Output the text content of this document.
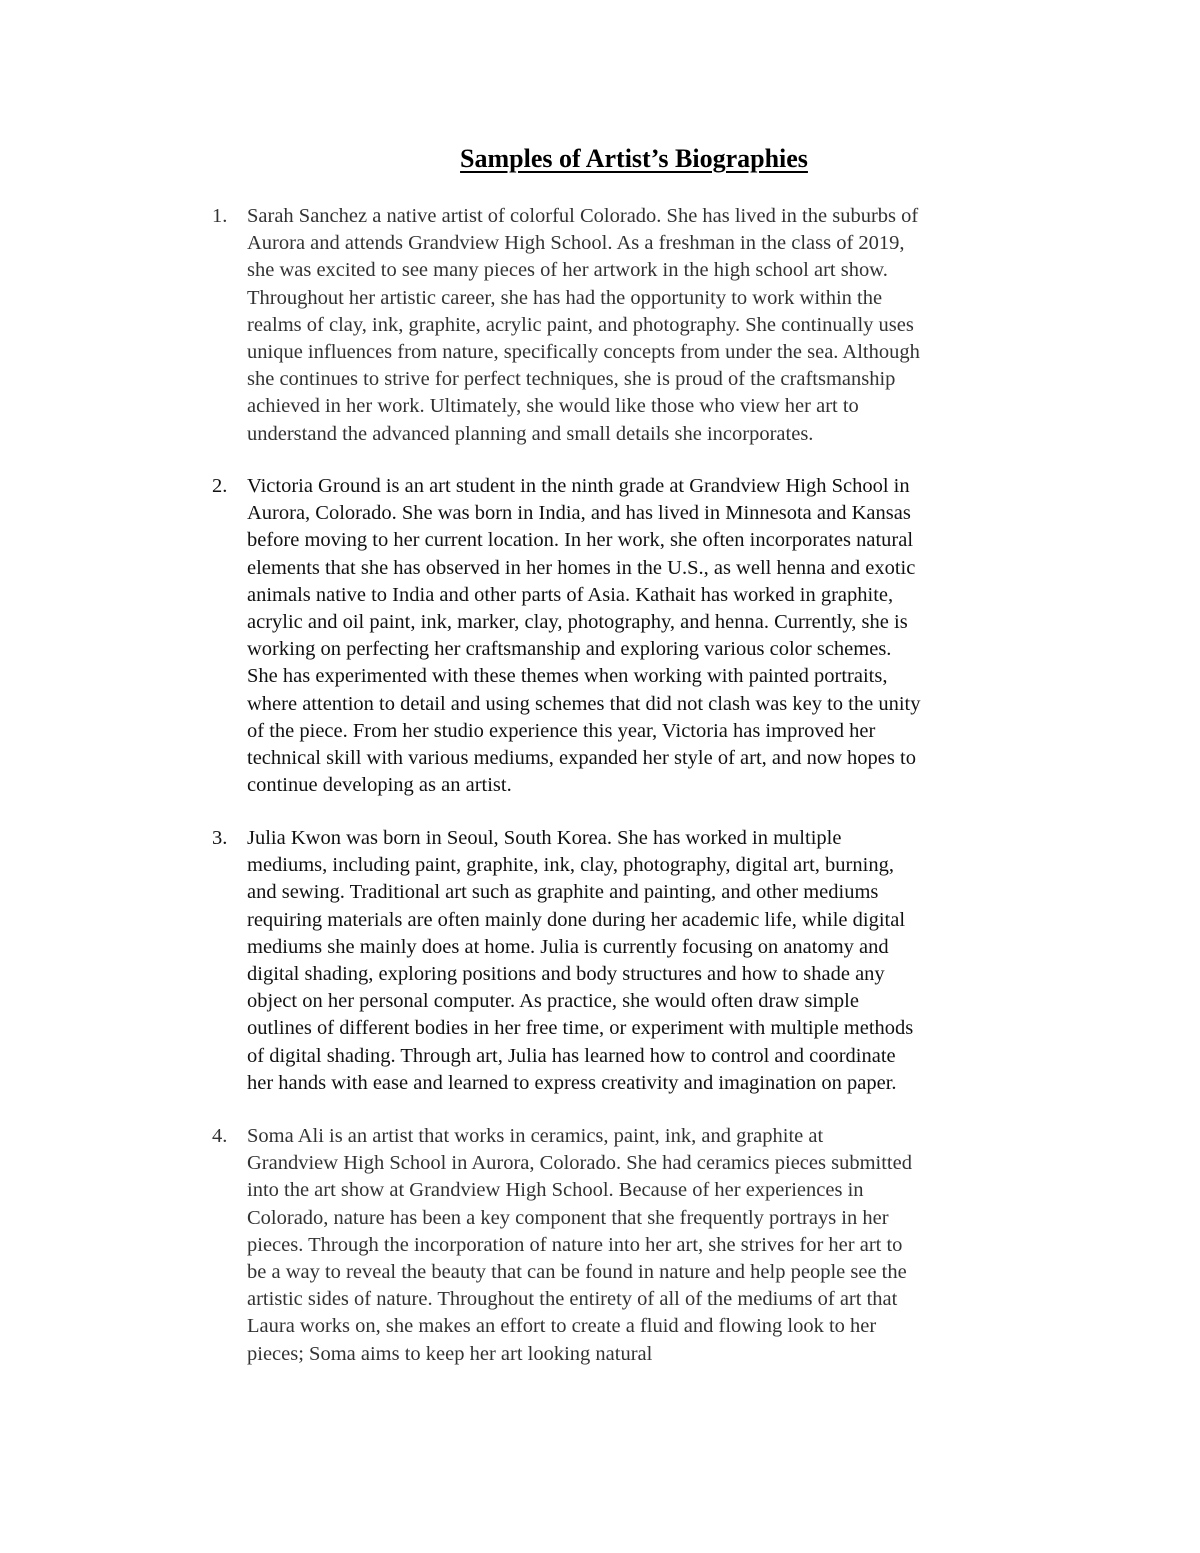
Samples of Artist’s Biographies
1. Sarah Sanchez a native artist of colorful Colorado. She has lived in the suburbs of
Aurora and attends Grandview High School. As a freshman in the class of 2019,
she was excited to see many pieces of her artwork in the high school art show.
Throughout her artistic career, she has had the opportunity to work within the
realms of clay, ink, graphite, acrylic paint, and photography. She continually uses
unique influences from nature, specifically concepts from under the sea. Although
she continues to strive for perfect techniques, she is proud of the craftsmanship
achieved in her work. Ultimately, she would like those who view her art to
understand the advanced planning and small details she incorporates.
2. Victoria Ground is an art student in the ninth grade at Grandview High School in
Aurora, Colorado. She was born in India, and has lived in Minnesota and Kansas
before moving to her current location. In her work, she often incorporates natural
elements that she has observed in her homes in the U.S., as well henna and exotic
animals native to India and other parts of Asia. Kathait has worked in graphite,
acrylic and oil paint, ink, marker, clay, photography, and henna. Currently, she is
working on perfecting her craftsmanship and exploring various color schemes.
She has experimented with these themes when working with painted portraits,
where attention to detail and using schemes that did not clash was key to the unity
of the piece. From her studio experience this year, Victoria has improved her
technical skill with various mediums, expanded her style of art, and now hopes to
continue developing as an artist.
3. Julia Kwon was born in Seoul, South Korea. She has worked in multiple
mediums, including paint, graphite, ink, clay, photography, digital art, burning,
and sewing. Traditional art such as graphite and painting, and other mediums
requiring materials are often mainly done during her academic life, while digital
mediums she mainly does at home. Julia is currently focusing on anatomy and
digital shading, exploring positions and body structures and how to shade any
object on her personal computer. As practice, she would often draw simple
outlines of different bodies in her free time, or experiment with multiple methods
of digital shading. Through art, Julia has learned how to control and coordinate
her hands with ease and learned to express creativity and imagination on paper.
4. Soma Ali is an artist that works in ceramics, paint, ink, and graphite at
Grandview High School in Aurora, Colorado. She had ceramics pieces submitted
into the art show at Grandview High School. Because of her experiences in
Colorado, nature has been a key component that she frequently portrays in her
pieces. Through the incorporation of nature into her art, she strives for her art to
be a way to reveal the beauty that can be found in nature and help people see the
artistic sides of nature. Throughout the entirety of all of the mediums of art that
Laura works on, she makes an effort to create a fluid and flowing look to her
pieces; Soma aims to keep her art looking natural
